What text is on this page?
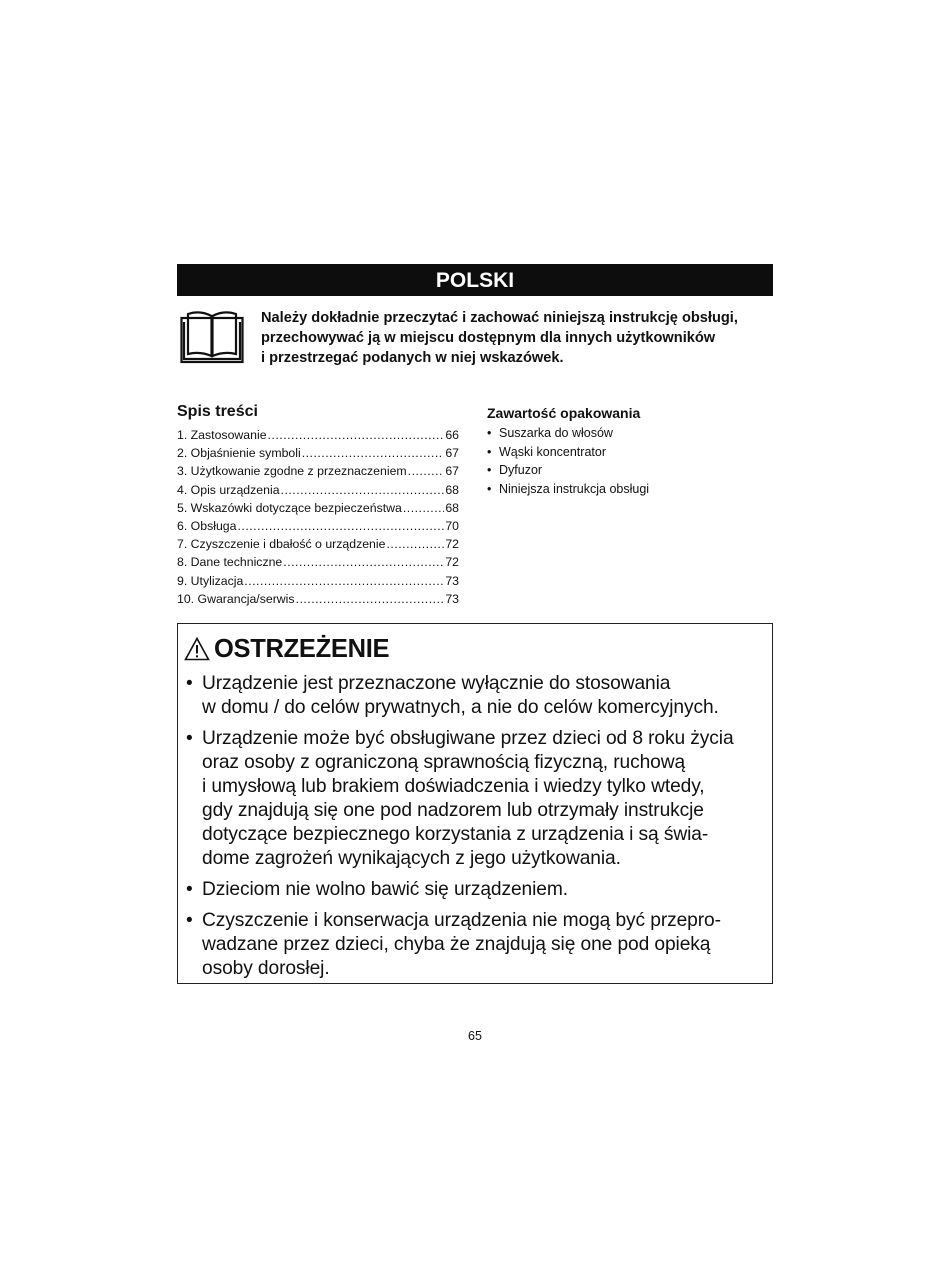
POLSKI

Należy dokładnie przeczytać i zachować niniejszą instrukcję obsługi,
przechowywać ją w miejscu dostępnym dla innych użytkowników
i przestrzegać podanych w niej wskazówek.

Spis treści
1. Zastosowanie .....	66
2. Objaśnienie symboli .....	67
3. Użytkowanie zgodne z przeznaczeniem .....	67
4. Opis urządzenia .....	68
5. Wskazówki dotyczące bezpieczeństwa .....	68
6. Obsługa .....	70
7. Czyszczenie i dbałość o urządzenie .....	72
8. Dane techniczne .....	72
9. Utylizacja .....	73
10. Gwarancja/serwis .....	73
Zawartość opakowania
• Suszarka do włosów
• Wąski koncentrator
• Dyfuzor
• Niniejsza instrukcja obsługi
OSTRZEŻENIE
• Urządzenie jest przeznaczone wyłącznie do stosowania
w domu / do celów prywatnych, a nie do celów komercyjnych.
• Urządzenie może być obsługiwane przez dzieci od 8 roku życia
oraz osoby z ograniczoną sprawnością fizyczną, ruchową
i umysłową lub brakiem doświadczenia i wiedzy tylko wtedy,
gdy znajdują się one pod nadzorem lub otrzymały instrukcje
dotyczące bezpiecznego korzystania z urządzenia i są świa-
dome zagrożeń wynikających z jego użytkowania.
• Dzieciom nie wolno bawić się urządzeniem.
• Czyszczenie i konserwacja urządzenia nie mogą być przepro-
wadzane przez dzieci, chyba że znajdują się one pod opieką
osoby dorosłej.
65
